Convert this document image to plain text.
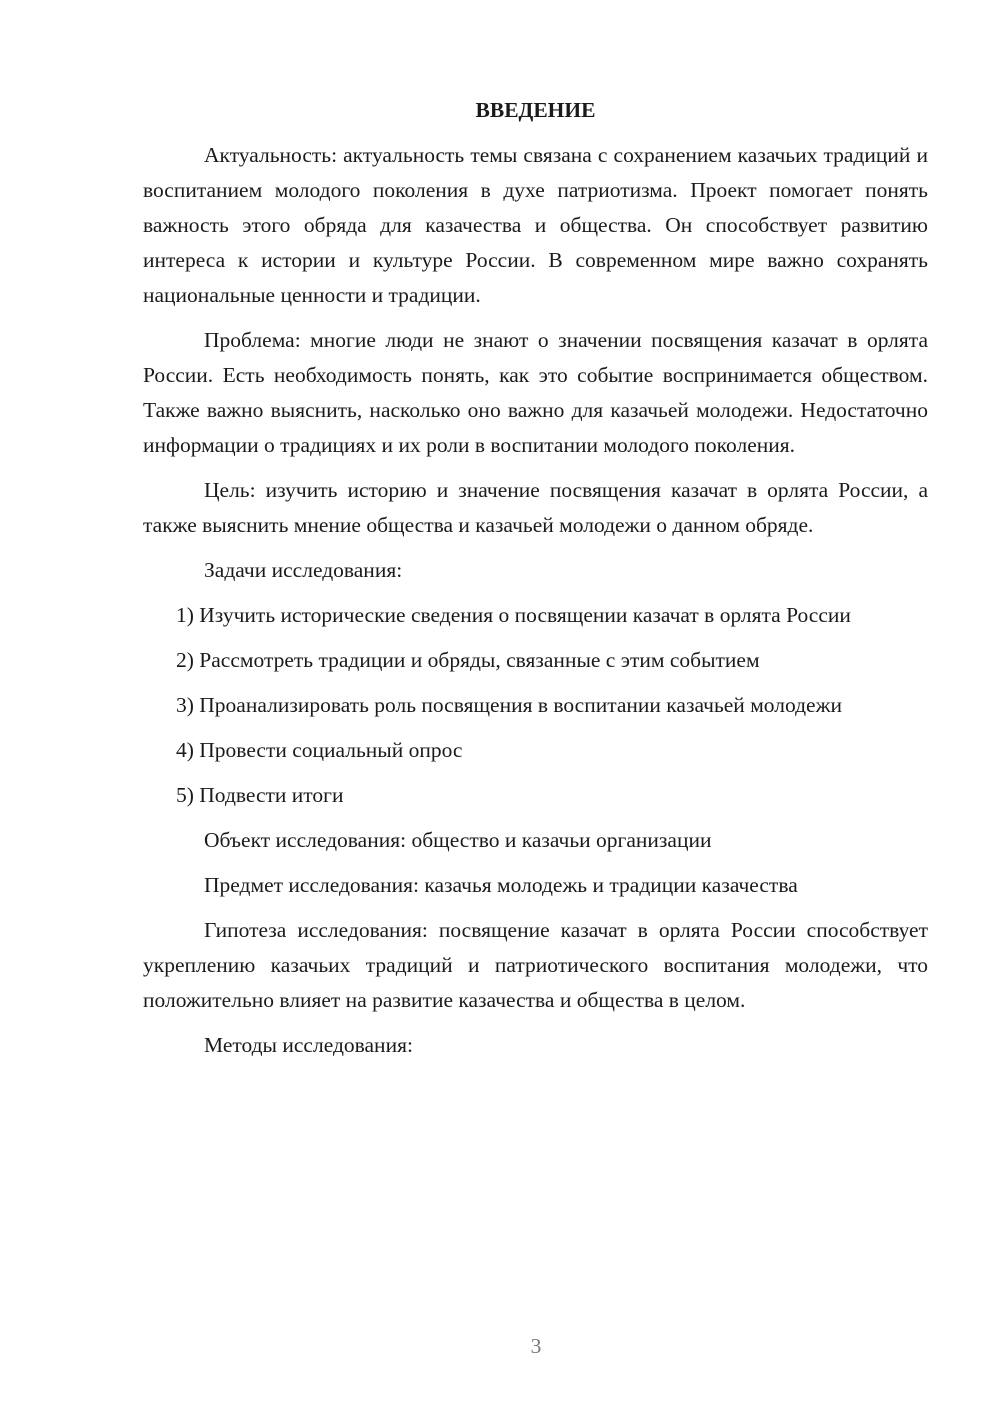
ВВЕДЕНИЕ
Актуальность: актуальность темы связана с сохранением казачьих традиций и воспитанием молодого поколения в духе патриотизма. Проект помогает понять важность этого обряда для казачества и общества. Он способствует развитию интереса к истории и культуре России. В современном мире важно сохранять национальные ценности и традиции.
Проблема: многие люди не знают о значении посвящения казачат в орлята России. Есть необходимость понять, как это событие воспринимается обществом. Также важно выяснить, насколько оно важно для казачьей молодежи. Недостаточно информации о традициях и их роли в воспитании молодого поколения.
Цель: изучить историю и значение посвящения казачат в орлята России, а также выяснить мнение общества и казачьей молодежи о данном обряде.
Задачи исследования:
1) Изучить исторические сведения о посвящении казачат в орлята России
2) Рассмотреть традиции и обряды, связанные с этим событием
3) Проанализировать роль посвящения в воспитании казачьей молодежи
4) Провести социальный опрос
5) Подвести итоги
Объект исследования: общество и казачьи организации
Предмет исследования: казачья молодежь и традиции казачества
Гипотеза исследования: посвящение казачат в орлята России способствует укреплению казачьих традиций и патриотического воспитания молодежи, что положительно влияет на развитие казачества и общества в целом.
Методы исследования:
3
